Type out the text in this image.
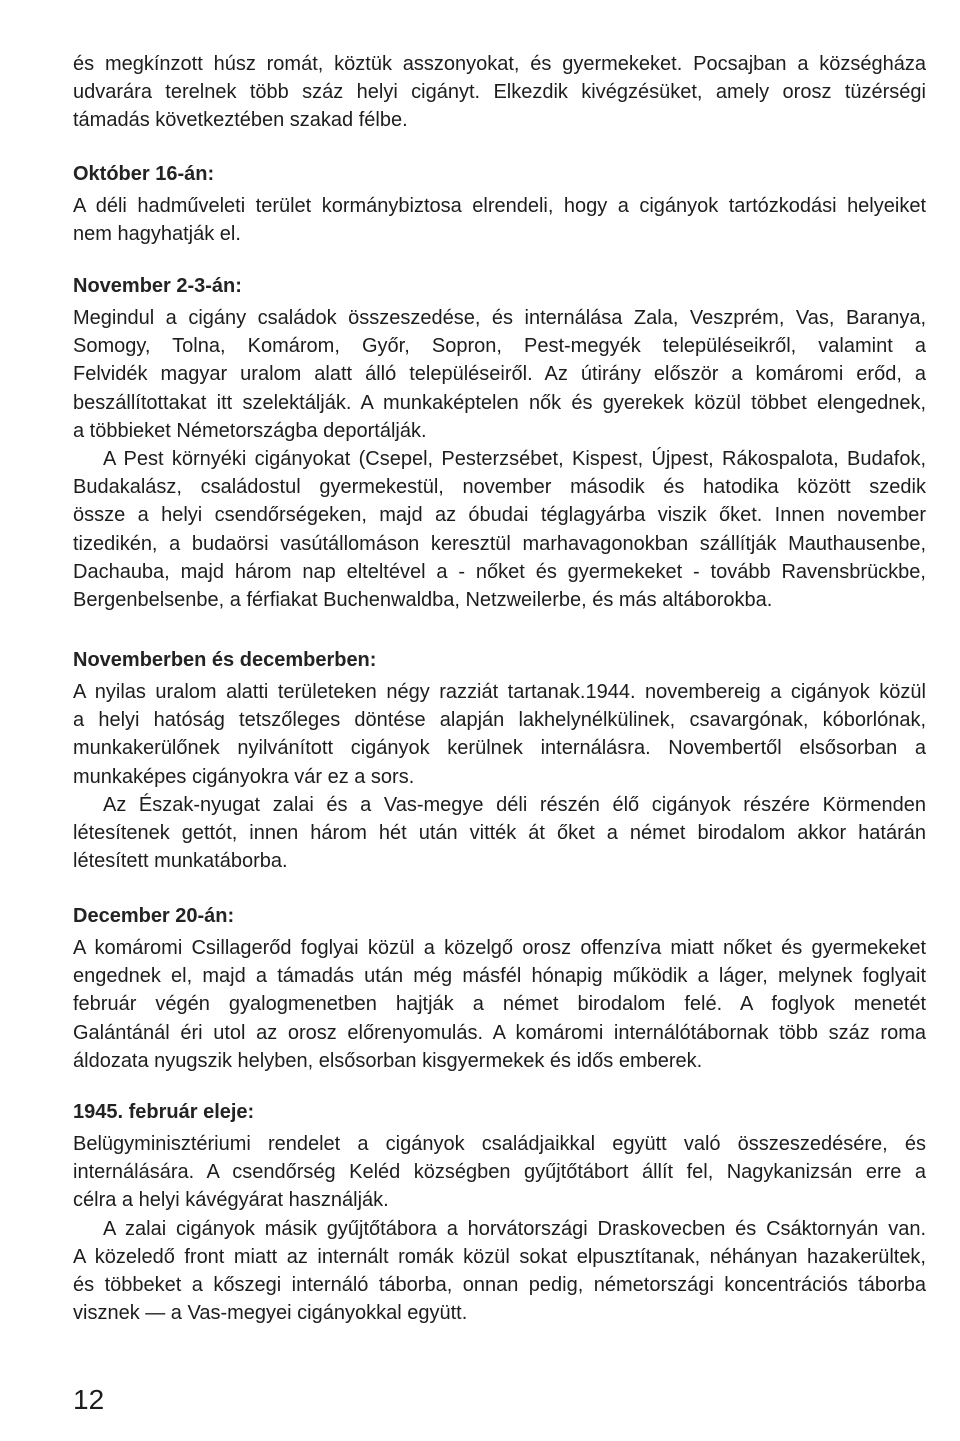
és megkínzott húsz romát, köztük asszonyokat, és gyermekeket. Pocsajban a községháza
udvarára terelnek több száz helyi cigányt. Elkezdik kivégzésüket, amely orosz tüzérségi
támadás következtében szakad félbe.
Október 16-án:
A déli hadműveleti terület kormánybiztosa elrendeli, hogy a cigányok tartózkodási helyeiket
nem hagyhatják el.
November 2-3-án:
Megindul a cigány családok összeszedése, és internálása Zala, Veszprém, Vas, Baranya,
Somogy, Tolna, Komárom, Győr, Sopron, Pest-megyék településeikről, valamint a
Felvidék magyar uralom alatt álló településeiről. Az útirány először a komáromi erőd, a
beszállítottakat itt szelektálják. A munkaképtelen nők és gyerekek közül többet elengednek,
a többieket Németországba deportálják.
A Pest környéki cigányokat (Csepel, Pesterzsébet, Kispest, Újpest, Rákospalota, Budafok,
Budakalász, családostul gyermekestül, november második és hatodika között szedik
össze a helyi csendőrségeken, majd az óbudai téglagyárba viszik őket. Innen november
tizedikén, a budaörsi vasútállomáson keresztül marhavagonokban szállítják Mauthausenbe,
Dachauba, majd három nap elteltével a - nőket és gyermekeket - tovább Ravensbrückbe,
Bergenbelsenbe, a férfiakat Buchenwaldba, Netzweilerbe, és más altáborokba.
Novemberben és decemberben:
A nyilas uralom alatti területeken négy razziát tartanak.1944. novembereig a cigányok közül
a helyi hatóság tetszőleges döntése alapján lakhelynélkülinek, csavargónak, kóborlónak,
munkakerülőnek nyilvánított cigányok kerülnek internálásra. Novembertől elsősorban a
munkaképes cigányokra vár ez a sors.
Az Észak-nyugat zalai és a Vas-megye déli részén élő cigányok részére Körmenden
létesítenek gettót, innen három hét után vitték át őket a német birodalom akkor határán
létesített munkatáborba.
December 20-án:
A komáromi Csillagerőd foglyai közül a közelgő orosz offenzíva miatt nőket és gyermekeket
engednek el, majd a támadás után még másfél hónapig működik a láger, melynek foglyait
február végén gyalogmenetben hajtják a német birodalom felé. A foglyok menetét
Galántánál éri utol az orosz előrenyomulás. A komáromi internálótábornak több száz roma
áldozata nyugszik helyben, elsősorban kisgyermekek és idős emberek.
1945. február eleje:
Belügyminisztériumi rendelet a cigányok családjaikkal együtt való összeszedésére, és
internálására. A csendőrség Keléd községben gyűjtőtábort állít fel, Nagykanizsán erre a
célra a helyi kávégyárat használják.
A zalai cigányok másik gyűjtőtábora a horvátországi Draskovecben és Csáktornyán van.
A közeledő front miatt az internált romák közül sokat elpusztítanak, néhányan hazakerültek,
és többeket a kőszegi internáló táborba, onnan pedig, németországi koncentrációs táborba
visznek — a Vas-megyei cigányokkal együtt.
12
